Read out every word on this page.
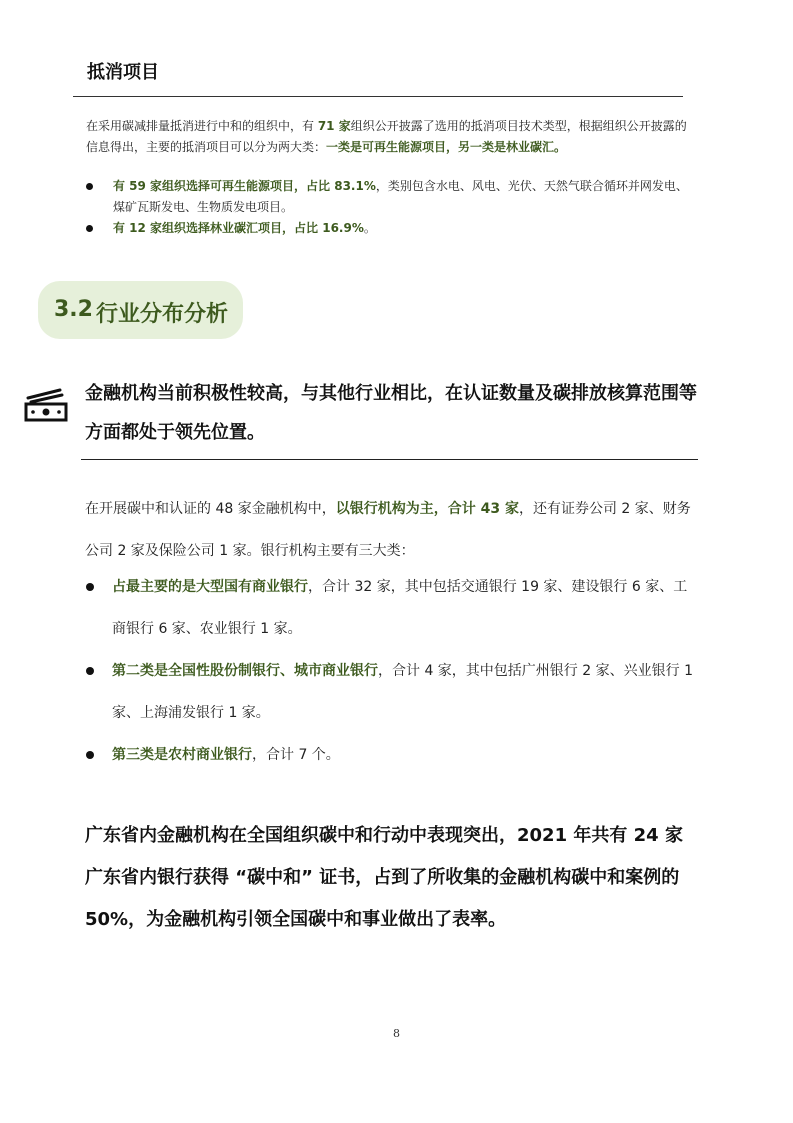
抵消项目
在采用碳减排量抵消进行中和的组织中，有 71 家组织公开披露了选用的抵消项目技术类型，根据组织公开披露的信息得出，主要的抵消项目可以分为两大类：一类是可再生能源项目，另一类是林业碳汇。
有 59 家组织选择可再生能源项目，占比 83.1%，类别包含水电、风电、光伏、天然气联合循环并网发电、煤矿瓦斯发电、生物质发电项目。
有 12 家组织选择林业碳汇项目，占比 16.9%。
3.2 行业分布分析
金融机构当前积极性较高，与其他行业相比，在认证数量及碳排放核算范围等方面都处于领先位置。
在开展碳中和认证的 48 家金融机构中，以银行机构为主，合计 43 家，还有证券公司 2 家、财务公司 2 家及保险公司 1 家。银行机构主要有三大类：
占最主要的是大型国有商业银行，合计 32 家，其中包括交通银行 19 家、建设银行 6 家、工商银行 6 家、农业银行 1 家。
第二类是全国性股份制银行、城市商业银行，合计 4 家，其中包括广州银行 2 家、兴业银行 1 家、上海浦发银行 1 家。
第三类是农村商业银行，合计 7 个。
广东省内金融机构在全国组织碳中和行动中表现突出，2021 年共有 24 家广东省内银行获得 “碳中和” 证书，占到了所收集的金融机构碳中和案例的 50%，为金融机构引领全国碳中和事业做出了表率。
8
